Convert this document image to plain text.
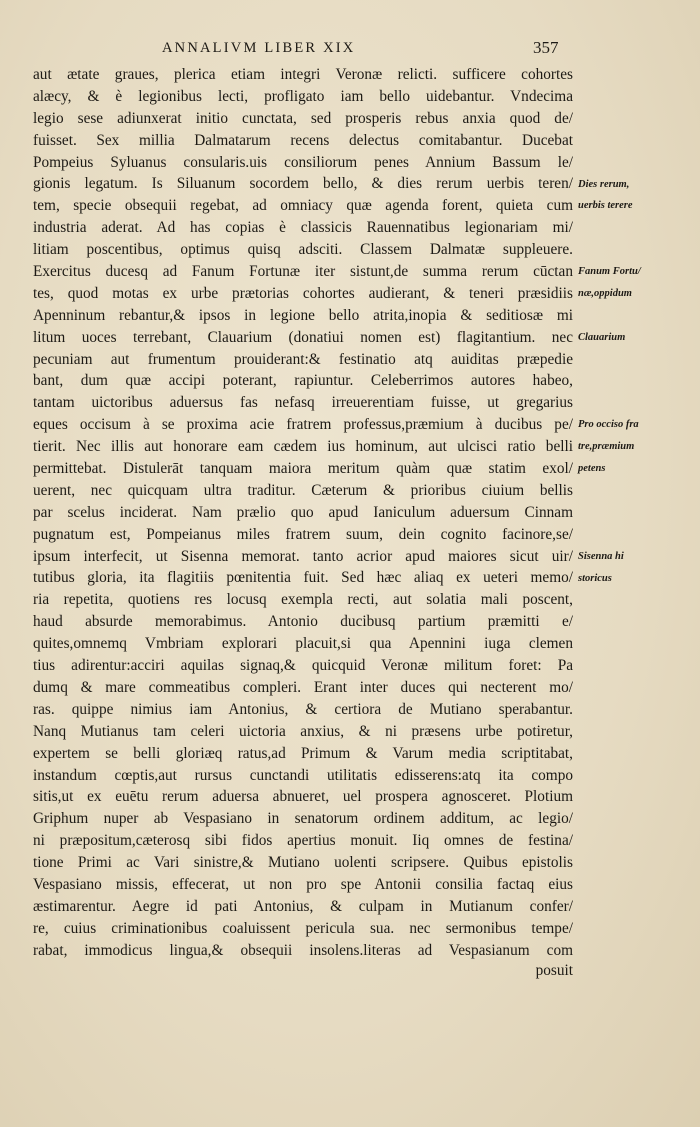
ANNALIVM LIBER XIX	357
aut ætate graues, plerica etiam integri Veronæ relicti. sufficere cohortes
alæcy, & è legionibus lecti, profligato iam bello uidebantur. Vndecima
legio sese adiunxerat initio cunctata, sed prosperis rebus anxia quod de/
fuisset. Sex millia Dalmatarum recens delectus comitabantur. Ducebat
Pompeius Syluanus consularis.uis consiliorum penes Annium Bassum le/
gionis legatum. Is Siluanum socordem bello, & dies rerum uerbis teren/
tem, specie obsequii regebat, ad omniacy quæ agenda forent, quieta cum
industria aderat. Ad has copias è classicis Rauennatibus legionariam mi/
litiam poscentibus, optimus quisq adsciti. Classem Dalmatæ suppleuere.
Exercitus ducesq ad Fanum Fortunæ iter sistunt,de summa rerum cūctan
tes, quod motas ex urbe prætorias cohortes audierant, & teneri præsidiis
Apenninum rebantur,& ipsos in legione bello atrita,inopia & seditiosæ mi
litum uoces terrebant, Clauarium (donatiui nomen est) flagitantium. nec
pecuniam aut frumentum prouiderant:& festinatio atq auiditas præpedie
bant, dum quæ accipi poterant, rapiuntur. Celeberrimos autores habeo,
tantam uictoribus aduersus fas nefasq irreuerentiam fuisse, ut gregarius
eques occisum à se proxima acie fratrem professus,præmium à ducibus pe/
tierit. Nec illis aut honorare eam cædem ius hominum, aut ulcisci ratio belli
permittebat. Distulerāt tanquam maiora meritum quàm quæ statim exol/
uerent, nec quicquam ultra traditur. Cæterum & prioribus ciuium bellis
par scelus inciderat. Nam prælio quo apud Ianiculum aduersum Cinnam
pugnatum est, Pompeianus miles fratrem suum, dein cognito facinore,se/
ipsum interfecit, ut Sisenna memorat. tanto acrior apud maiores sicut uir/
tutibus gloria, ita flagitiis pœnitentia fuit. Sed hæc aliaq ex ueteri memo/
ria repetita, quotiens res locusq exempla recti, aut solatia mali poscent,
haud absurde memorabimus. Antonio ducibusq partium præmitti e/
quites,omnemq Vmbriam explorari placuit,si qua Apennini iuga clemen
tius adirentur:acciri aquilas signaq,& quicquid Veronæ militum foret: Pa
dumq & mare commeatibus compleri. Erant inter duces qui necterent mo/
ras. quippe nimius iam Antonius, & certiora de Mutiano sperabantur.
Nanq Mutianus tam celeri uictoria anxius, & ni præsens urbe potiretur,
expertem se belli gloriæq ratus,ad Primum & Varum media scriptitabat,
instandum cœptis,aut rursus cunctandi utilitatis edisserens:atq ita compo
sitis,ut ex euētu rerum aduersa abnueret, uel prospera agnosceret. Plotium
Griphum nuper ab Vespasiano in senatorum ordinem additum, ac legio/
ni præpositum,cæterosq sibi fidos apertius monuit. Iiq omnes de festina/
tione Primi ac Vari sinistre,& Mutiano uolenti scripsere. Quibus epistolis
Vespasiano missis, effecerat, ut non pro spe Antonii consilia factaq eius
æstimarentur. Aegre id pati Antonius, & culpam in Mutianum confer/
re, cuius criminationibus coaluissent pericula sua. nec sermonibus tempe/
rabat, immodicus lingua,& obsequii insolens.literas ad Vespasianum com
posuit
Dies rerum,
uerbis terere
Fanum Fortu/
næ,oppidum
Clauarium
Pro occiso fra
tre,præmium
petens
Sisenna hi
storicus
